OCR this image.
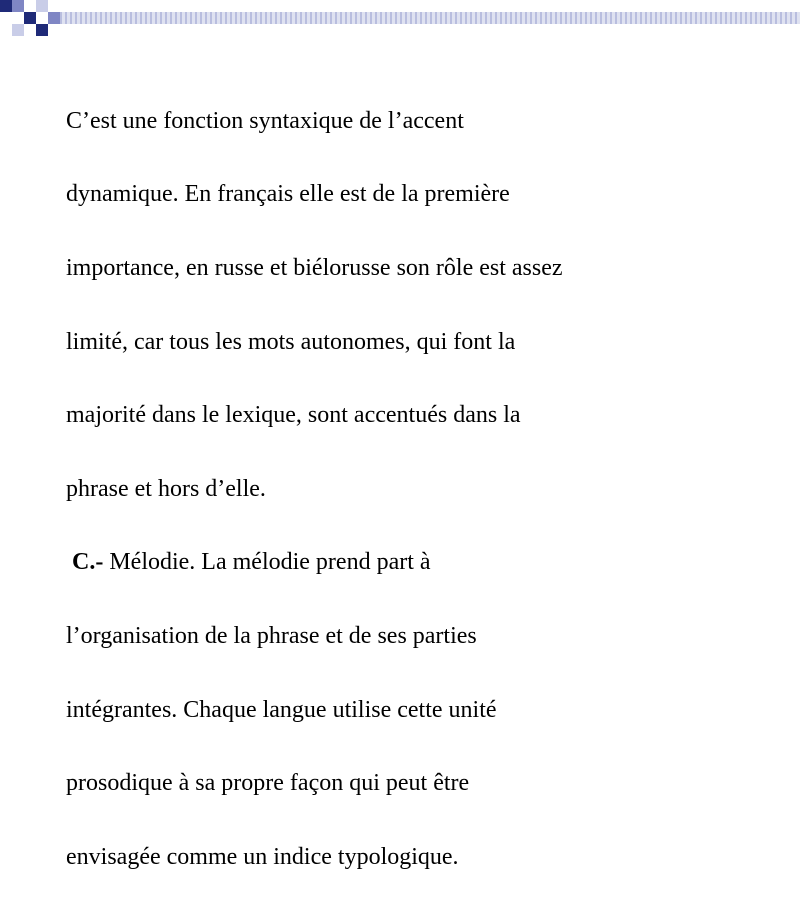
C’est une fonction syntaxique de l’accent

dynamique. En français elle est de la première

importance, en russe et biélorusse son rôle est assez

limité, car tous les mots autonomes, qui font la

majorité dans le lexique, sont accentués dans la

phrase et hors d’elle.

C.- Mélodie. La mélodie prend part à

l’organisation de la phrase et de ses parties

intégrantes. Chaque langue utilise cette unité

prosodique à sa propre façon qui peut être

envisagée comme un indice typologique.
